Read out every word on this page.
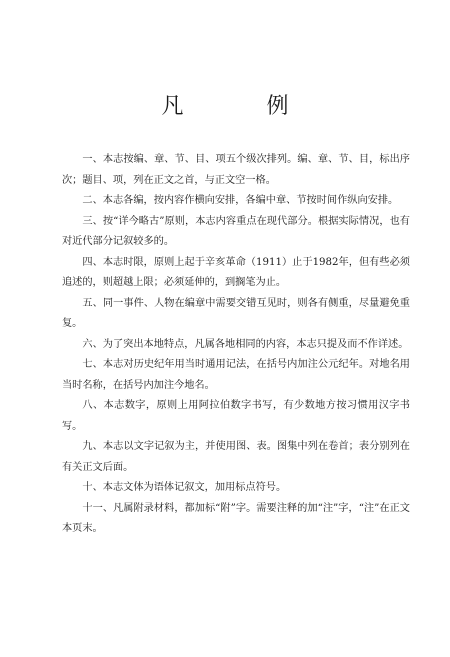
凡 例

一、本志按编、章、节、目、项五个级次排列。编、章、节、目，标出序次；题目、项，列在正文之首，与正文空一格。

二、本志各编，按内容作横向安排，各编中章、节按时间作纵向安排。

三、按“详今略古”原则，本志内容重点在现代部分。根据实际情况，也有对近代部分记叙较多的。

四、本志时限，原则上起于辛亥革命（1911）止于1982年，但有些必须追述的，则超越上限；必须延伸的，到搁笔为止。

五、同一事件、人物在编章中需要交错互见时，则各有侧重，尽量避免重复。

六、为了突出本地特点，凡属各地相同的内容，本志只提及而不作详述。

七、本志对历史纪年用当时通用记法，在括号内加注公元纪年。对地名用当时名称，在括号内加注今地名。

八、本志数字，原则上用阿拉伯数字书写，有少数地方按习惯用汉字书写。

九、本志以文字记叙为主，并使用图、表。图集中列在卷首；表分别列在有关正文后面。

十、本志文体为语体记叙文，加用标点符号。

十一、凡属附录材料，都加标“附”字。需要注释的加“注”字，“注”在正文本页末。
